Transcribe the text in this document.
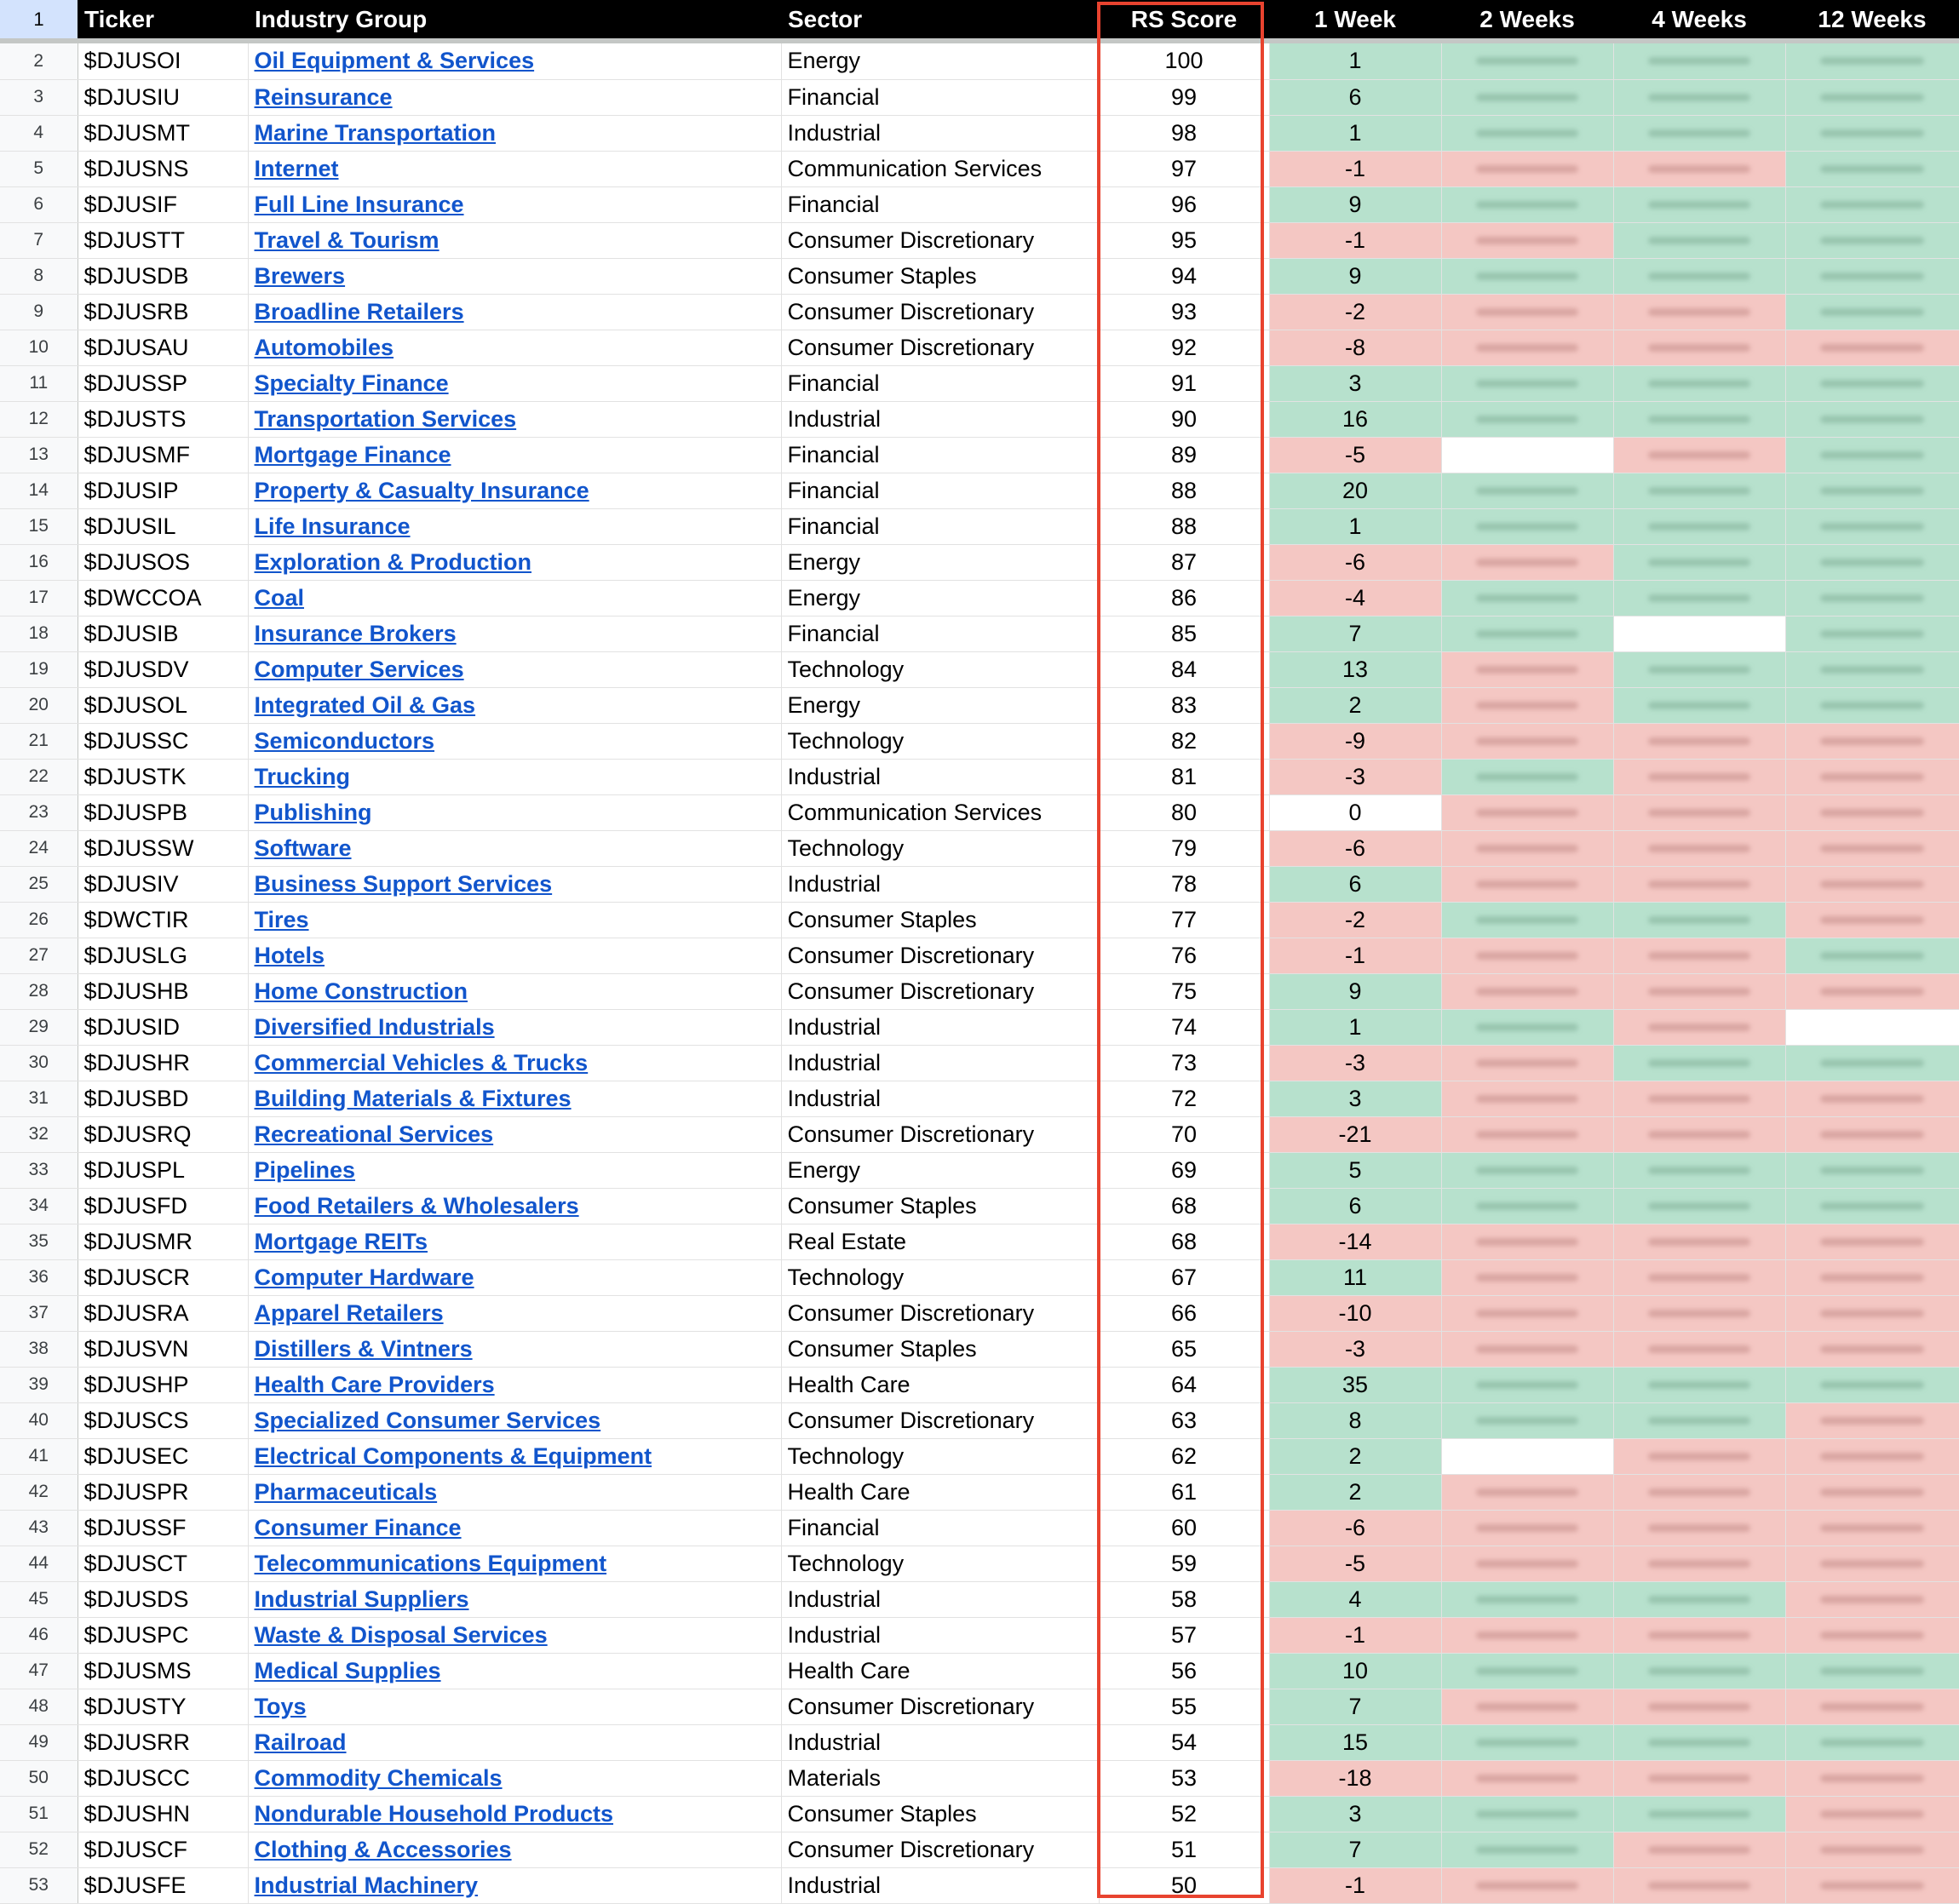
1	Ticker	Industry Group	Sector	RS Score	1 Week	2 Weeks	4 Weeks	12 Weeks

2	$DJUSOI	Oil Equipment & Services	Energy	100	1	

3	$DJUSIU	Reinsurance	Financial	99	6	

4	$DJUSMT	Marine Transportation	Industrial	98	1	

5	$DJUSNS	Internet	Communication Services	97	-1	

6	$DJUSIF	Full Line Insurance	Financial	96	9	

7	$DJUSTT	Travel & Tourism	Consumer Discretionary	95	-1	

8	$DJUSDB	Brewers	Consumer Staples	94	9	

9	$DJUSRB	Broadline Retailers	Consumer Discretionary	93	-2	

10	$DJUSAU	Automobiles	Consumer Discretionary	92	-8	

11	$DJUSSP	Specialty Finance	Financial	91	3	

12	$DJUSTS	Transportation Services	Industrial	90	16	

13	$DJUSMF	Mortgage Finance	Financial	89	-5	

14	$DJUSIP	Property & Casualty Insurance	Financial	88	20	

15	$DJUSIL	Life Insurance	Financial	88	1	

16	$DJUSOS	Exploration & Production	Energy	87	-6	

17	$DWCCOA	Coal	Energy	86	-4	

18	$DJUSIB	Insurance Brokers	Financial	85	7	

19	$DJUSDV	Computer Services	Technology	84	13	

20	$DJUSOL	Integrated Oil & Gas	Energy	83	2	

21	$DJUSSC	Semiconductors	Technology	82	-9	

22	$DJUSTK	Trucking	Industrial	81	-3	

23	$DJUSPB	Publishing	Communication Services	80	0	

24	$DJUSSW	Software	Technology	79	-6	

25	$DJUSIV	Business Support Services	Industrial	78	6	

26	$DWCTIR	Tires	Consumer Staples	77	-2	

27	$DJUSLG	Hotels	Consumer Discretionary	76	-1	

28	$DJUSHB	Home Construction	Consumer Discretionary	75	9	

29	$DJUSID	Diversified Industrials	Industrial	74	1	

30	$DJUSHR	Commercial Vehicles & Trucks	Industrial	73	-3	

31	$DJUSBD	Building Materials & Fixtures	Industrial	72	3	

32	$DJUSRQ	Recreational Services	Consumer Discretionary	70	-21	

33	$DJUSPL	Pipelines	Energy	69	5	

34	$DJUSFD	Food Retailers & Wholesalers	Consumer Staples	68	6	

35	$DJUSMR	Mortgage REITs	Real Estate	68	-14	

36	$DJUSCR	Computer Hardware	Technology	67	11	

37	$DJUSRA	Apparel Retailers	Consumer Discretionary	66	-10	

38	$DJUSVN	Distillers & Vintners	Consumer Staples	65	-3	

39	$DJUSHP	Health Care Providers	Health Care	64	35	

40	$DJUSCS	Specialized Consumer Services	Consumer Discretionary	63	8	

41	$DJUSEC	Electrical Components & Equipment	Technology	62	2	

42	$DJUSPR	Pharmaceuticals	Health Care	61	2	

43	$DJUSSF	Consumer Finance	Financial	60	-6	

44	$DJUSCT	Telecommunications Equipment	Technology	59	-5	

45	$DJUSDS	Industrial Suppliers	Industrial	58	4	

46	$DJUSPC	Waste & Disposal Services	Industrial	57	-1	

47	$DJUSMS	Medical Supplies	Health Care	56	10	

48	$DJUSTY	Toys	Consumer Discretionary	55	7	

49	$DJUSRR	Railroad	Industrial	54	15	

50	$DJUSCC	Commodity Chemicals	Materials	53	-18	

51	$DJUSHN	Nondurable Household Products	Consumer Staples	52	3	

52	$DJUSCF	Clothing & Accessories	Consumer Discretionary	51	7	

53	$DJUSFE	Industrial Machinery	Industrial	50	-1	
